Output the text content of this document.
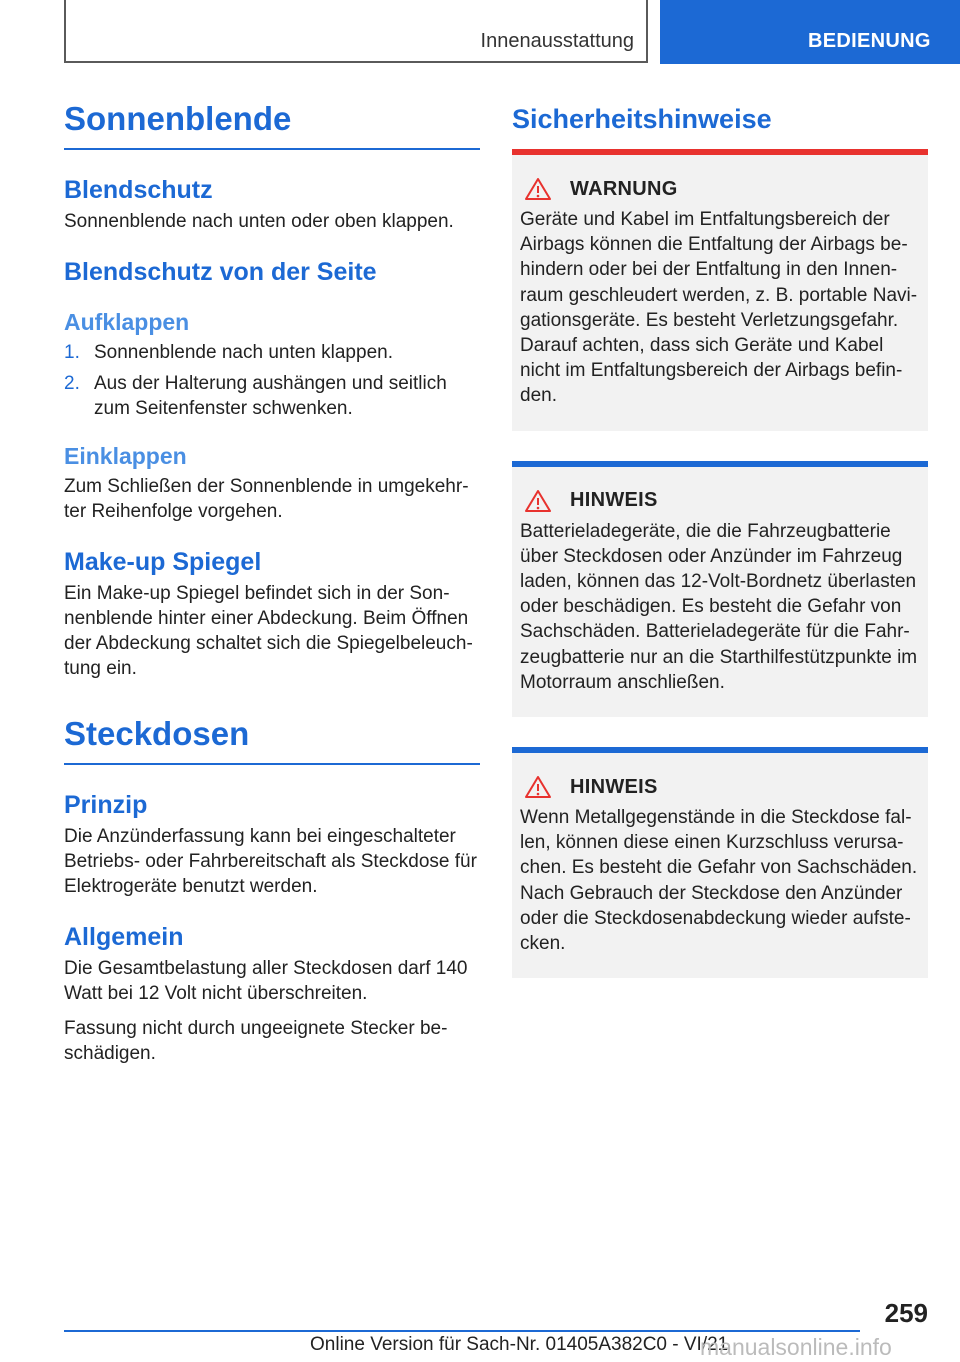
Innenausstattung	BEDIENUNG
Sonnenblende
Blendschutz

Sonnenblende nach unten oder oben klappen.

Blendschutz von der Seite
Aufklappen
1. Sonnenblende nach unten klappen.
2. Aus der Halterung aushängen und seitlich zum Seitenfenster schwenken.
Einklappen

Zum Schließen der Sonnenblende in umgekehrter Reihenfolge vorgehen.

Make-up Spiegel

Ein Make-up Spiegel befindet sich in der Sonnenblende hinter einer Abdeckung. Beim Öffnen der Abdeckung schaltet sich die Spiegelbeleuchtung ein.

Steckdosen
Prinzip

Die Anzünderfassung kann bei eingeschalteter Betriebs- oder Fahrbereitschaft als Steckdose für Elektrogeräte benutzt werden.

Allgemein

Die Gesamtbelastung aller Steckdosen darf 140 Watt bei 12 Volt nicht überschreiten.

Fassung nicht durch ungeeignete Stecker beschädigen.

Sicherheitshinweise
WARNUNG

Geräte und Kabel im Entfaltungsbereich der Airbags können die Entfaltung der Airbags behindern oder bei der Entfaltung in den Innenraum geschleudert werden, z. B. portable Navigationsgeräte. Es besteht Verletzungsgefahr. Darauf achten, dass sich Geräte und Kabel nicht im Entfaltungsbereich der Airbags befinden.

HINWEIS

Batterieladegeräte, die die Fahrzeugbatterie über Steckdosen oder Anzünder im Fahrzeug laden, können das 12-Volt-Bordnetz überlasten oder beschädigen. Es besteht die Gefahr von Sachschäden. Batterieladegeräte für die Fahrzeugbatterie nur an die Starthilfestützpunkte im Motorraum anschließen.

HINWEIS

Wenn Metallgegenstände in die Steckdose fallen, können diese einen Kurzschluss verursachen. Es besteht die Gefahr von Sachschäden. Nach Gebrauch der Steckdose den Anzünder oder die Steckdosenabdeckung wieder aufstecken.

259
Online Version für Sach-Nr. 01405A382C0 - VI/21
manualsonline.info
